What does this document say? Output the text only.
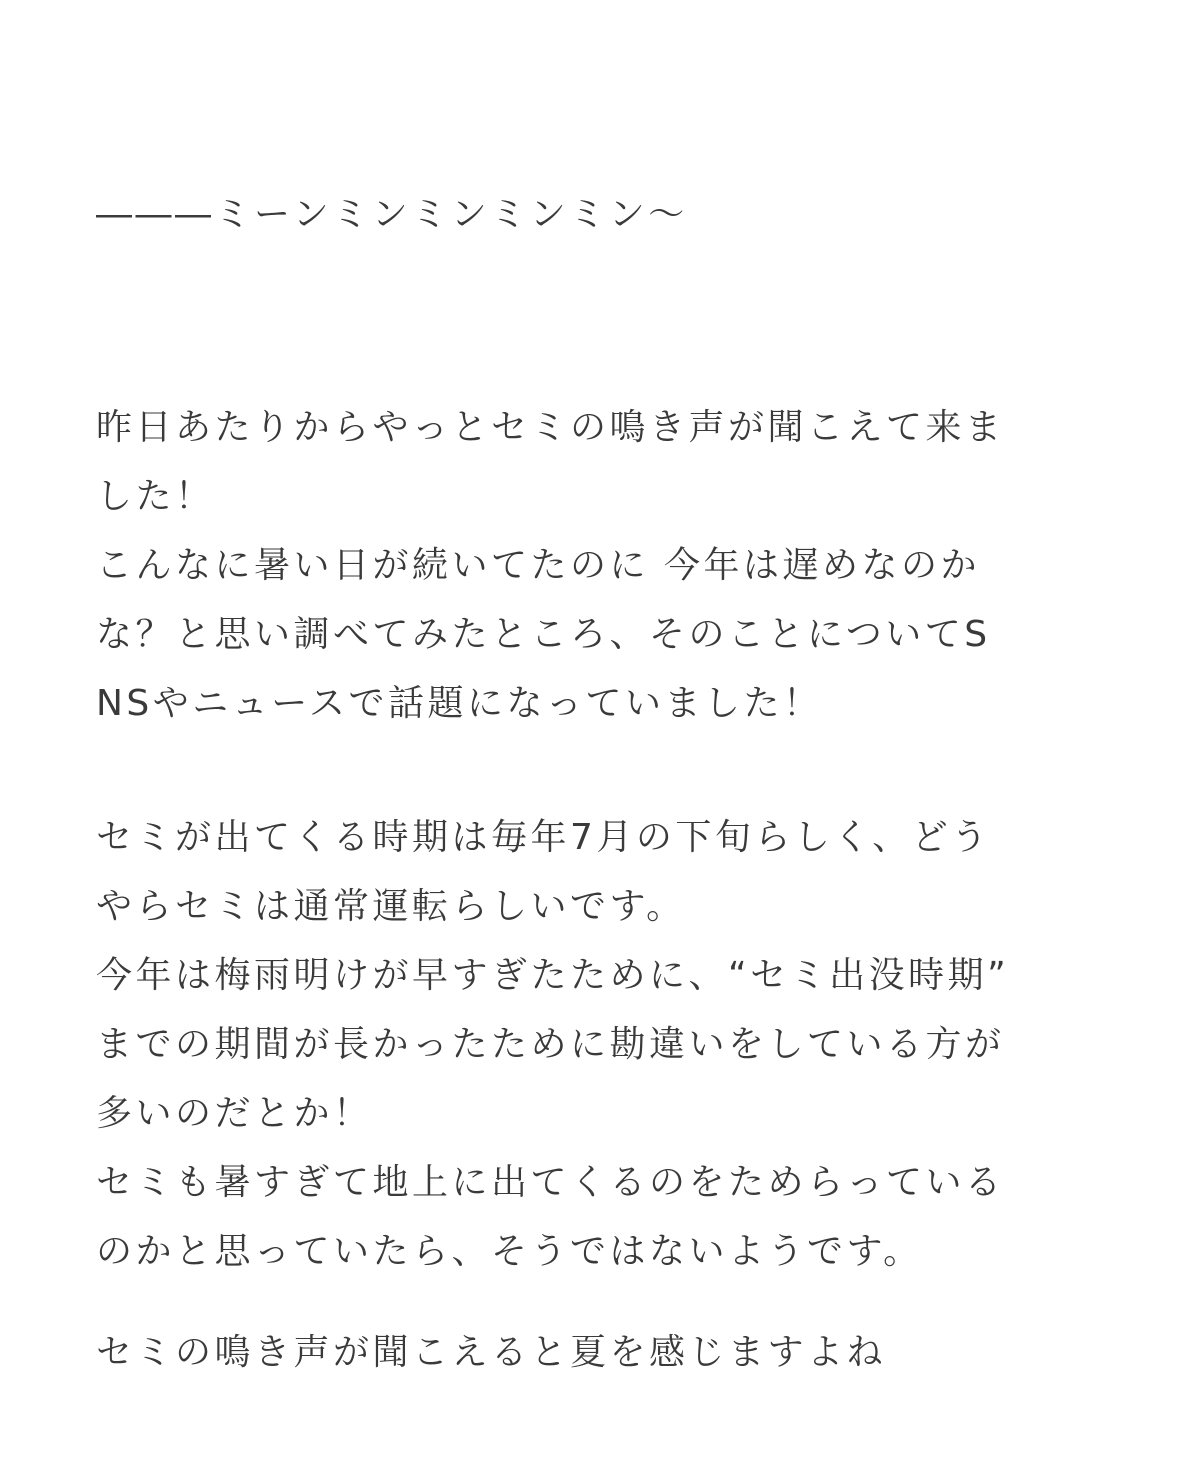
―――ミーンミンミンミンミン〜
昨日あたりからやっとセミの鳴き声が聞こえて来ま
した！
こんなに暑い日が続いてたのに 今年は遅めなのか
な？と思い調べてみたところ、そのことについてS
NSやニュースで話題になっていました！
セミが出てくる時期は毎年7月の下旬らしく、どう
やらセミは通常運転らしいです。
今年は梅雨明けが早すぎたために、“セミ出没時期”
までの期間が長かったために勘違いをしている方が
多いのだとか！
セミも暑すぎて地上に出てくるのをためらっている
のかと思っていたら、そうではないようです。
セミの鳴き声が聞こえると夏を感じますよね
